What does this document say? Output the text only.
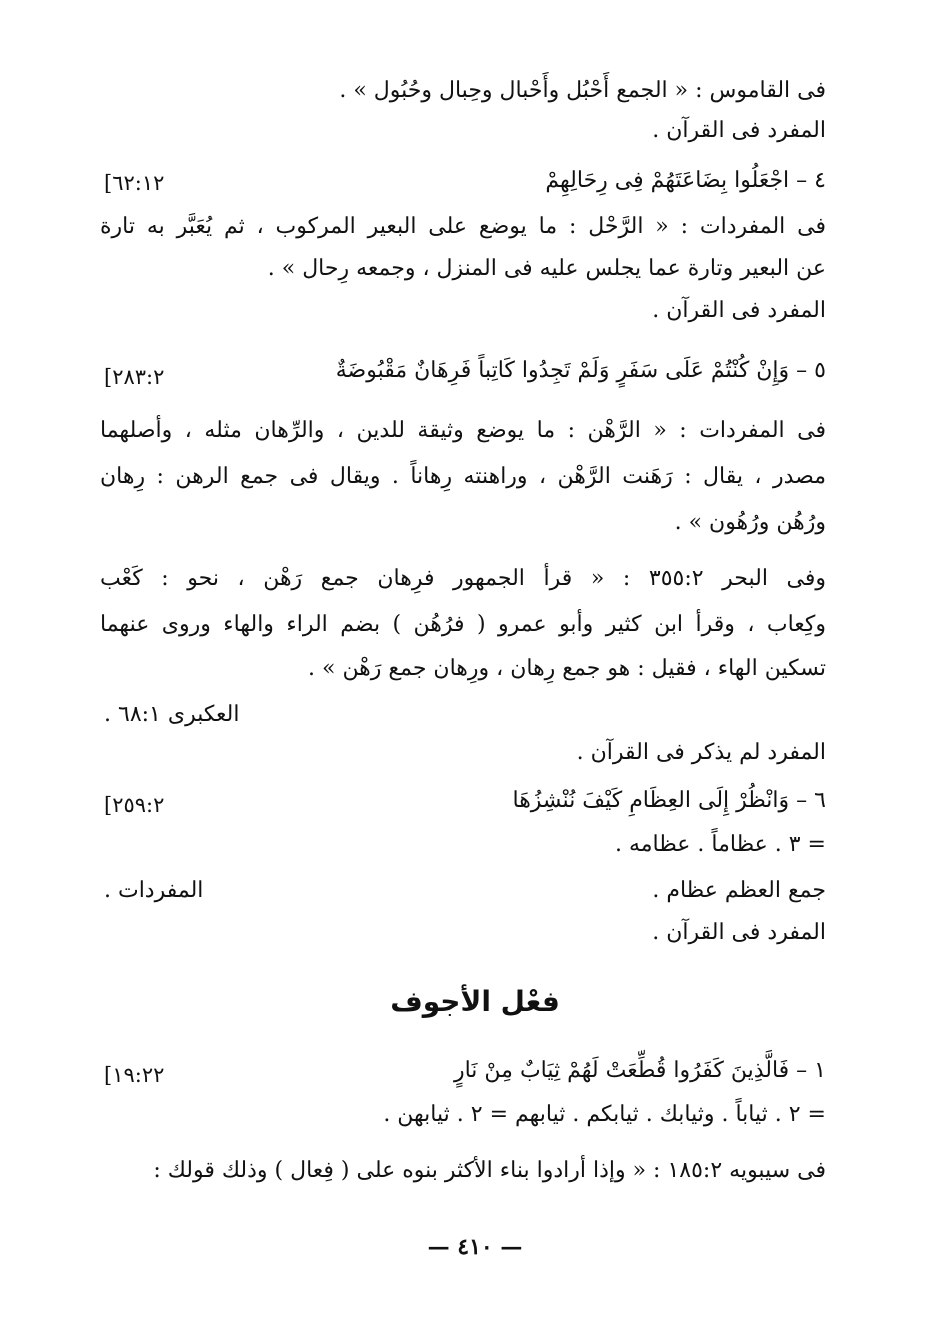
فى القاموس : « الجمع أَحْبُل وأَحْبال وحِبال وحُبُول » .
المفرد فى القرآن .
٤ – اجْعَلُوا بِضَاعَتَهُمْ فِى رِحَالِهِمْ
[٦٢:١٢
فى المفردات : « الرَّحْل : ما يوضع على البعير المركوب ، ثم يُعَبَّر به تارة
عن البعير وتارة عما يجلس عليه فى المنزل ، وجمعه رِحال » .
المفرد فى القرآن .
٥ – وَإِنْ كُنْتُمْ عَلَى سَفَرٍ وَلَمْ تَجِدُوا كَاتِباً فَرِهَانٌ مَقْبُوضَةٌ
[٢٨٣:٢
فى المفردات : « الرَّهْن : ما يوضع وثيقة للدين ، والرِّهان مثله ، وأصلهما
مصدر ، يقال : رَهَنت الرَّهْن ، وراهنته رِهاناً . ويقال فى جمع الرهن : رِهان
ورُهُن ورُهُون » .
وفى البحر ٣٥٥:٢ : « قرأ الجمهور فرِهان جمع رَهْن ، نحو : كَعْب
وكِعاب ، وقرأ ابن كثير وأبو عمرو ( فرُهُن ) بضم الراء والهاء وروى عنهما
تسكين الهاء ، فقيل : هو جمع رِهان ، ورِهان جمع رَهْن » .
العكبرى ٦٨:١ .
المفرد لم يذكر فى القرآن .
٦ – وَانْظُرْ إِلَى العِظَامِ كَيْفَ نُنْشِزُهَا
[٢٥٩:٢
= ٣ . عظاماً . عظامه .
جمع العظم عظام .
المفردات .
المفرد فى القرآن .
فعْل الأجوف
١ – فَالَّذِينَ كَفَرُوا قُطِّعَتْ لَهُمْ ثِيَابٌ مِنْ نَارٍ
[١٩:٢٢
= ٢ . ثياباً . وثيابك . ثيابكم . ثيابهم = ٢ . ثيابهن .
فى سيبويه ١٨٥:٢ : « وإذا أرادوا بناء الأكثر بنوه على ( فِعال ) وذلك قولك :
— ٤١٠ —
